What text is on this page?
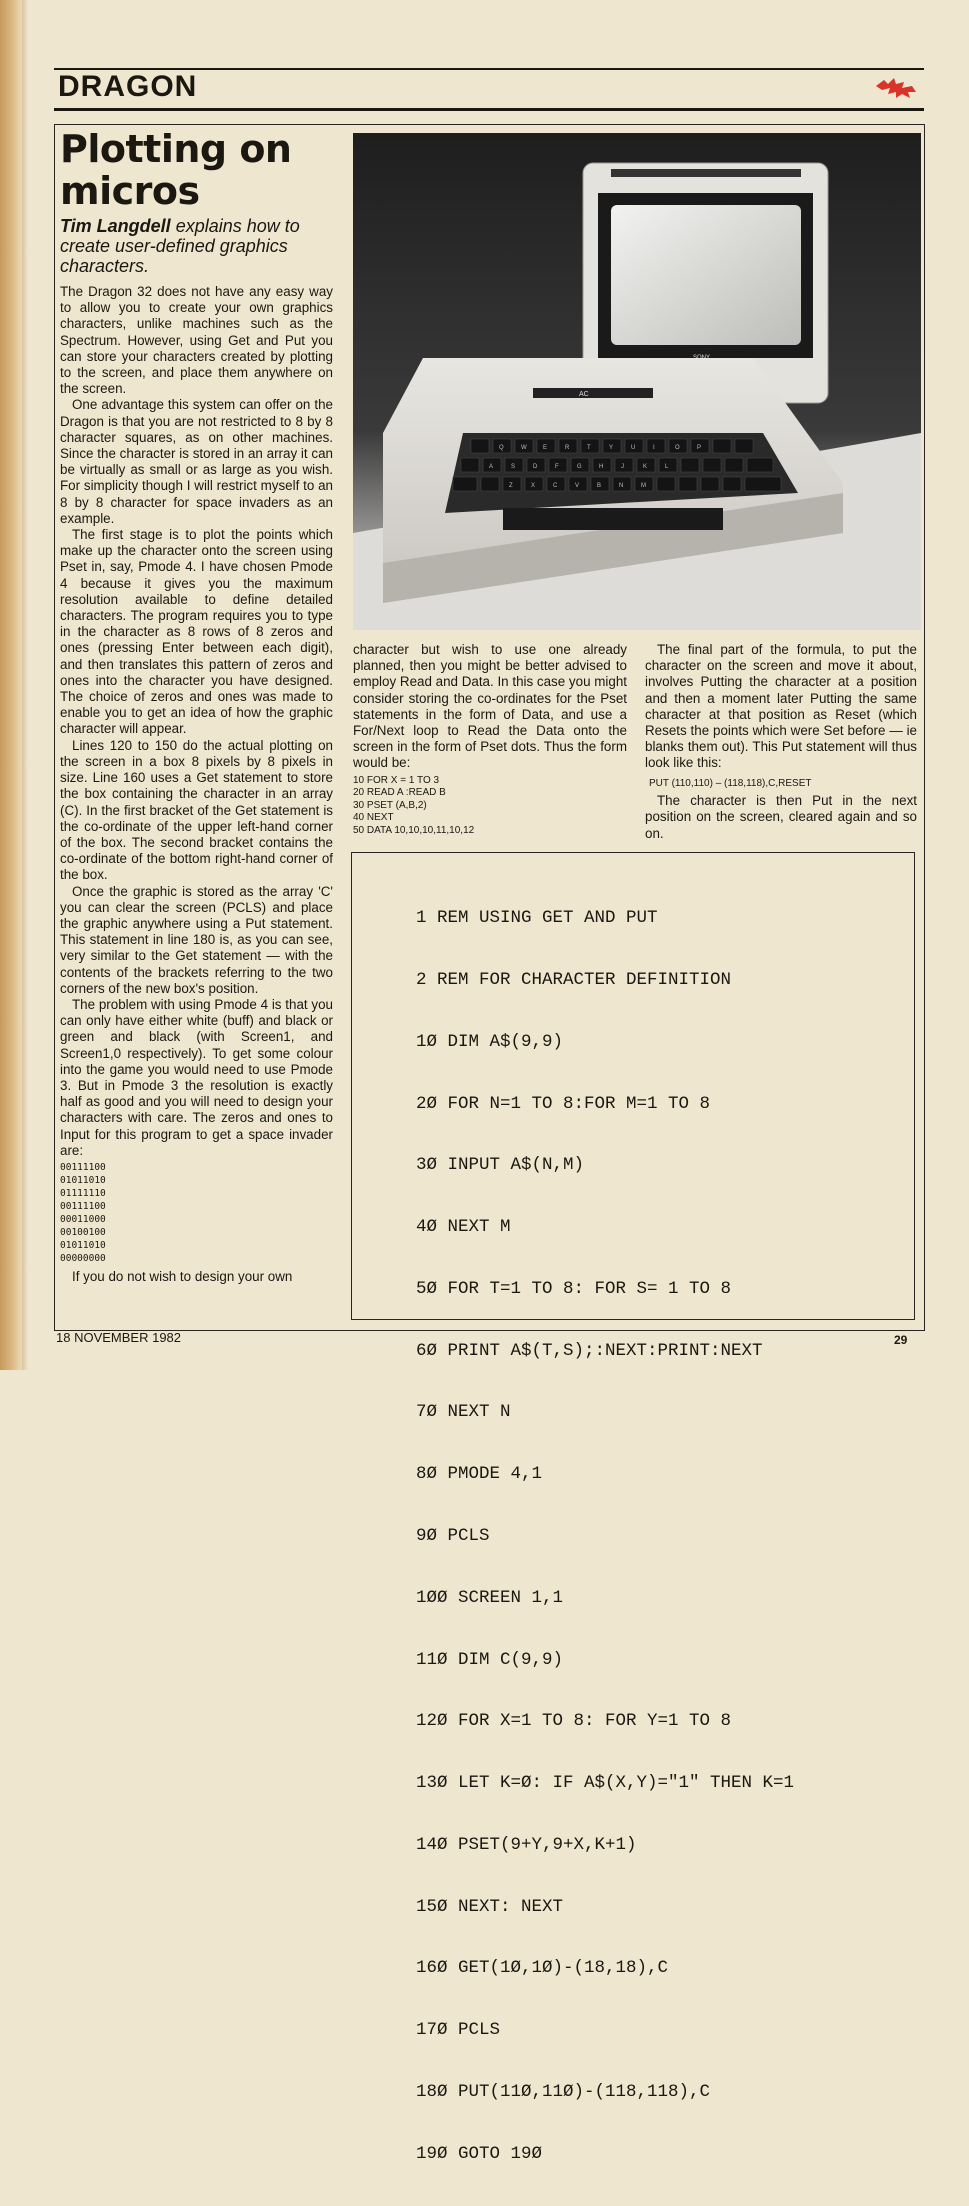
DRAGON
Plotting on
micros
Tim Langdell explains how to create user-defined graphics characters.

The Dragon 32 does not have any easy way to allow you to create your own graphics characters, unlike machines such as the Spectrum. However, using Get and Put you can store your characters created by plotting to the screen, and place them anywhere on the screen.

One advantage this system can offer on the Dragon is that you are not restricted to 8 by 8 character squares, as on other machines. Since the character is stored in an array it can be virtually as small or as large as you wish. For simplicity though I will restrict myself to an 8 by 8 character for space invaders as an example.

The first stage is to plot the points which make up the character onto the screen using Pset in, say, Pmode 4. I have chosen Pmode 4 because it gives you the maximum resolution available to define detailed characters. The program requires you to type in the character as 8 rows of 8 zeros and ones (pressing Enter between each digit), and then translates this pattern of zeros and ones into the character you have designed. The choice of zeros and ones was made to enable you to get an idea of how the graphic character will appear.

Lines 120 to 150 do the actual plotting on the screen in a box 8 pixels by 8 pixels in size. Line 160 uses a Get statement to store the box containing the character in an array (C). In the first bracket of the Get statement is the co-ordinate of the upper left-hand corner of the box. The second bracket contains the co-ordinate of the bottom right-hand corner of the box.

Once the graphic is stored as the array 'C' you can clear the screen (PCLS) and place the graphic anywhere using a Put statement. This statement in line 180 is, as you can see, very similar to the Get statement — with the contents of the brackets referring to the two corners of the new box's position.

The problem with using Pmode 4 is that you can only have either white (buff) and black or green and black (with Screen1, and Screen1,0 respectively). To get some colour into the game you would need to use Pmode 3. But in Pmode 3 the resolution is exactly half as good and you will need to design your characters with care. The zeros and ones to Input for this program to get a space invader are:

00111100
01011010
01111110
00111100
00011000
00100100
01011010
00000000

If you do not wish to design your own

AC
Q	W	E	R	T	Y	U	I	O	P
A	S	D	F	G	H	J	K	L
Z	X	C	V	B	N	M

character but wish to use one already planned, then you might be better advised to employ Read and Data. In this case you might consider storing the co-ordinates for the Pset statements in the form of Data, and use a For/Next loop to Read the Data onto the screen in the form of Pset dots. Thus the form would be:

10 FOR X = 1 TO 3
20 READ A :READ B
30 PSET (A,B,2)
40 NEXT
50 DATA 10,10,10,11,10,12

The final part of the formula, to put the character on the screen and move it about, involves Putting the character at a position and then a moment later Putting the same character at that position as Reset (which Resets the points which were Set before — ie blanks them out). This Put statement will thus look like this:

PUT (110,110) – (118,118),C,RESET

The character is then Put in the next position on the screen, cleared again and so on.

1 REM USING GET AND PUT

2 REM FOR CHARACTER DEFINITION

1Ø DIM A$(9,9)

2Ø FOR N=1 TO 8:FOR M=1 TO 8

3Ø INPUT A$(N,M)

4Ø NEXT M

5Ø FOR T=1 TO 8: FOR S= 1 TO 8

6Ø PRINT A$(T,S);:NEXT:PRINT:NEXT

7Ø NEXT N

8Ø PMODE 4,1

9Ø PCLS

1ØØ SCREEN 1,1

11Ø DIM C(9,9)

12Ø FOR X=1 TO 8: FOR Y=1 TO 8

13Ø LET K=Ø: IF A$(X,Y)="1" THEN K=1

14Ø PSET(9+Y,9+X,K+1)

15Ø NEXT: NEXT

16Ø GET(1Ø,1Ø)-(18,18),C

17Ø PCLS

18Ø PUT(11Ø,11Ø)-(118,118),C

19Ø GOTO 19Ø

18 NOVEMBER 1982	29
